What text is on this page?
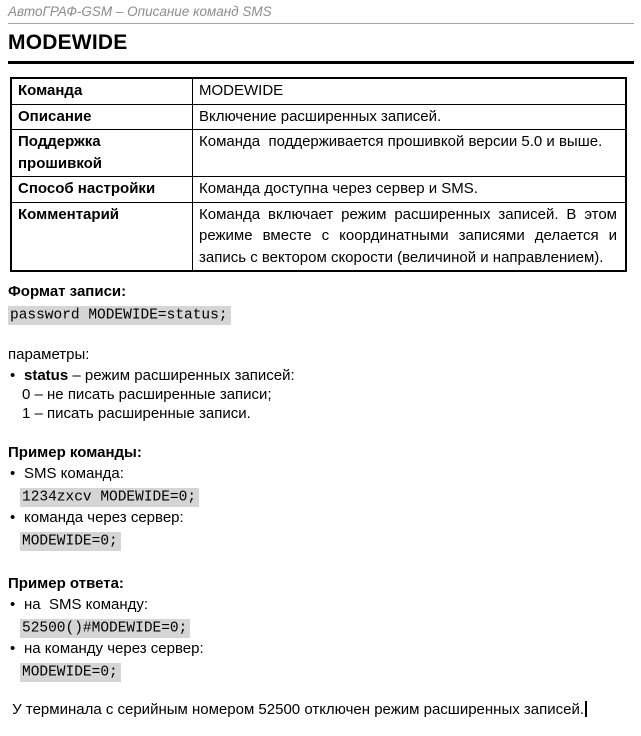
АвтоГРАФ-GSM – Описание команд SMS
MODEWIDE
Команда	MODEWIDE
Описание	Включение расширенных записей.
Поддержка прошивкой	Команда  поддерживается прошивкой версии 5.0 и выше.
Способ настройки	Команда доступна через сервер и SMS.
Комментарий	Команда включает режим расширенных записей. В этом режиме вместе с координатными записями делается и запись с вектором скорости (величиной и направлением).
Формат записи:
password MODEWIDE=status;
параметры:
• status – режим расширенных записей:
0 – не писать расширенные записи;
1 – писать расширенные записи.
Пример команды:
• SMS команда:
1234zxcv MODEWIDE=0;
• команда через сервер:
MODEWIDE=0;
Пример ответа:
• на  SMS команду:
52500()#MODEWIDE=0;
• на команду через сервер:
MODEWIDE=0;
У терминала с серийным номером 52500 отключен режим расширенных записей.
